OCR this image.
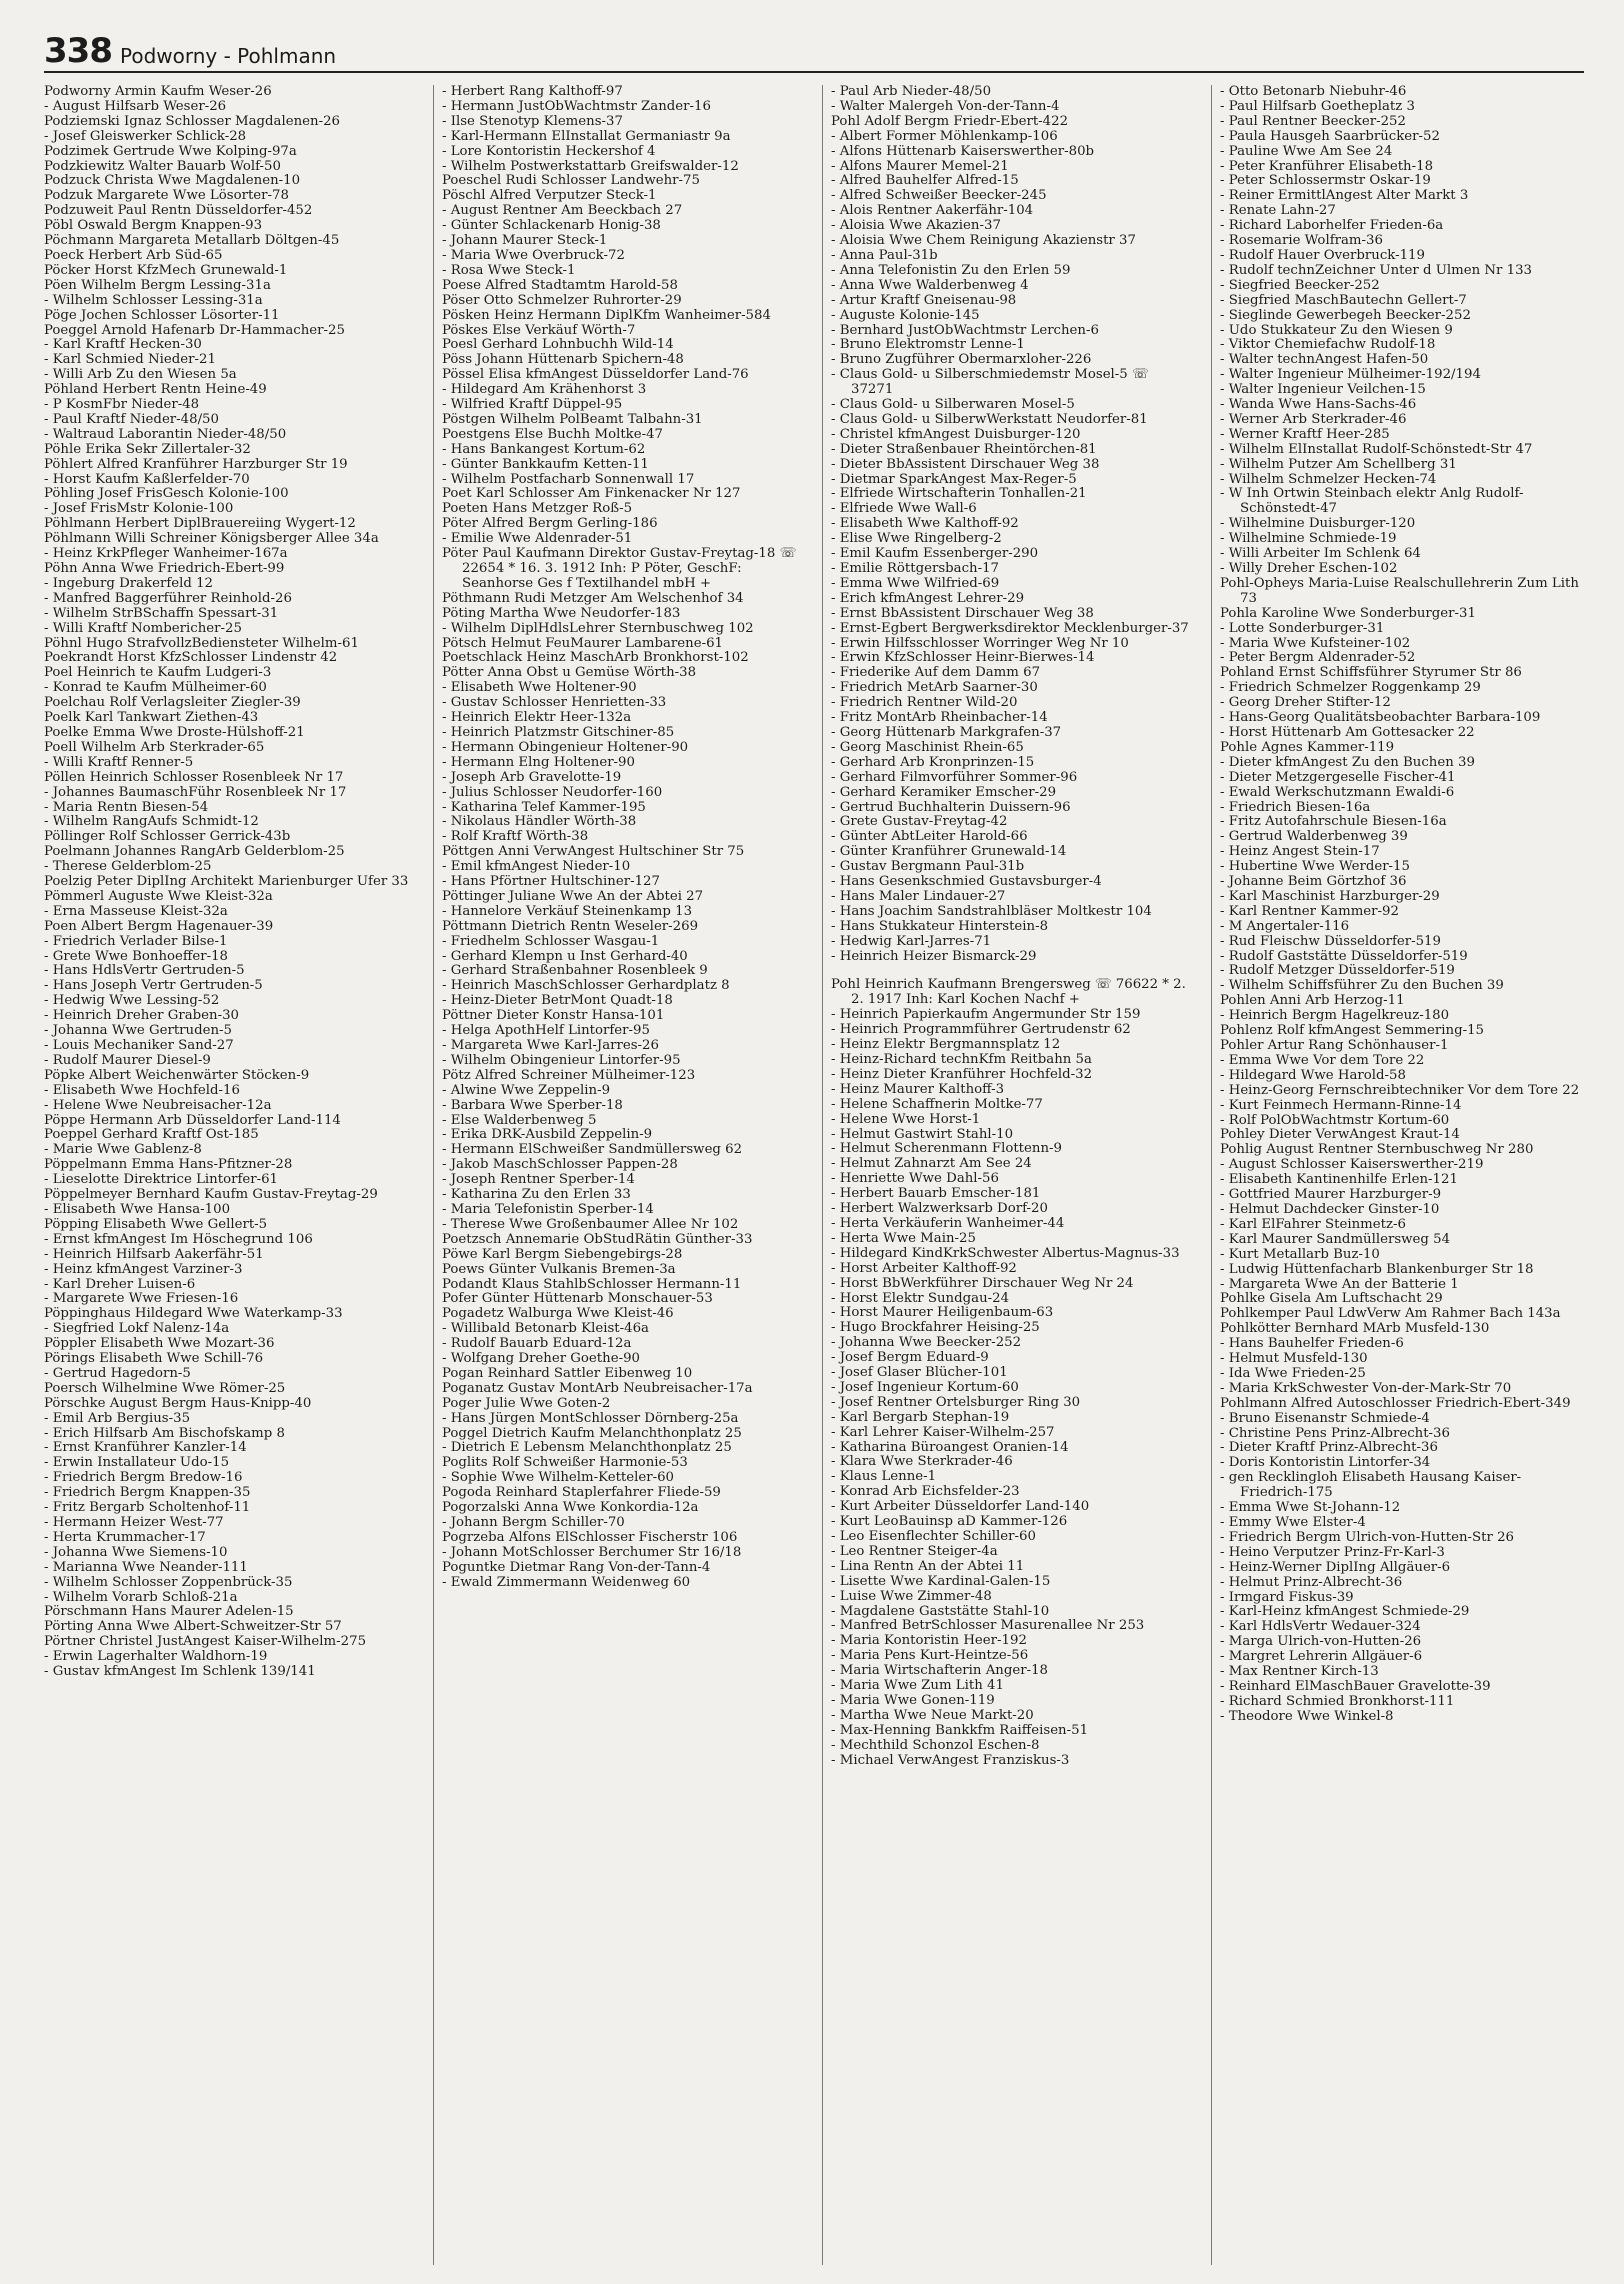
338 Podworny - Pohlmann

Podworny Armin Kaufm Weser-26

- August Hilfsarb Weser-26

Podziemski Ignaz Schlosser Magdalenen-26

- Josef Gleiswerker Schlick-28

Podzimek Gertrude Wwe Kolping-97a

Podzkiewitz Walter Bauarb Wolf-50

Podzuck Christa Wwe Magdalenen-10

Podzuk Margarete Wwe Lösorter-78

Podzuweit Paul Rentn Düsseldorfer-452

Pöbl Oswald Bergm Knappen-93

Pöchmann Margareta Metallarb Döltgen-45

Poeck Herbert Arb Süd-65

Pöcker Horst KfzMech Grunewald-1

Pöen Wilhelm Bergm Lessing-31a

- Wilhelm Schlosser Lessing-31a

Pöge Jochen Schlosser Lösorter-11

Poeggel Arnold Hafenarb Dr-Hammacher-25

- Karl Kraftf Hecken-30

- Karl Schmied Nieder-21

- Willi Arb Zu den Wiesen 5a

Pöhland Herbert Rentn Heine-49

- P KosmFbr Nieder-48

- Paul Kraftf Nieder-48/50

- Waltraud Laborantin Nieder-48/50

Pöhle Erika Sekr Zillertaler-32

Pöhlert Alfred Kranführer Harzburger Str 19

- Horst Kaufm Kaßlerfelder-70

Pöhling Josef FrisGesch Kolonie-100

- Josef FrisMstr Kolonie-100

Pöhlmann Herbert DiplBrauereiing Wygert-12

Pöhlmann Willi Schreiner Königsberger Allee 34a

- Heinz KrkPfleger Wanheimer-167a

Pöhn Anna Wwe Friedrich-Ebert-99

- Ingeburg Drakerfeld 12

- Manfred Baggerführer Reinhold-26

- Wilhelm StrBSchaffn Spessart-31

- Willi Kraftf Nombericher-25

Pöhnl Hugo StrafvollzBediensteter Wilhelm-61

Poekrandt Horst KfzSchlosser Lindenstr 42

Poel Heinrich te Kaufm Ludgeri-3

- Konrad te Kaufm Mülheimer-60

Poelchau Rolf Verlagsleiter Ziegler-39

Poelk Karl Tankwart Ziethen-43

Poelke Emma Wwe Droste-Hülshoff-21

Poell Wilhelm Arb Sterkrader-65

- Willi Kraftf Renner-5

Pöllen Heinrich Schlosser Rosenbleek Nr 17

- Johannes BaumaschFühr Rosenbleek Nr 17

- Maria Rentn Biesen-54

- Wilhelm RangAufs Schmidt-12

Pöllinger Rolf Schlosser Gerrick-43b

Poelmann Johannes RangArb Gelderblom-25

- Therese Gelderblom-25

Poelzig Peter DiplIng Architekt Marienburger Ufer 33

Pömmerl Auguste Wwe Kleist-32a

- Erna Masseuse Kleist-32a

Poen Albert Bergm Hagenauer-39

- Friedrich Verlader Bilse-1

- Grete Wwe Bonhoeffer-18

- Hans HdlsVertr Gertruden-5

- Hans Joseph Vertr Gertruden-5

- Hedwig Wwe Lessing-52

- Heinrich Dreher Graben-30

- Johanna Wwe Gertruden-5

- Louis Mechaniker Sand-27

- Rudolf Maurer Diesel-9

Pöpke Albert Weichenwärter Stöcken-9

- Elisabeth Wwe Hochfeld-16

- Helene Wwe Neubreisacher-12a

Pöppe Hermann Arb Düsseldorfer Land-114

Poeppel Gerhard Kraftf Ost-185

- Marie Wwe Gablenz-8

Pöppelmann Emma Hans-Pfitzner-28

- Lieselotte Direktrice Lintorfer-61

Pöppelmeyer Bernhard Kaufm Gustav-Freytag-29

- Elisabeth Wwe Hansa-100

Pöpping Elisabeth Wwe Gellert-5

- Ernst kfmAngest Im Höschegrund 106

- Heinrich Hilfsarb Aakerfähr-51

- Heinz kfmAngest Varziner-3

- Karl Dreher Luisen-6

- Margarete Wwe Friesen-16

Pöppinghaus Hildegard Wwe Waterkamp-33

- Siegfried Lokf Nalenz-14a

Pöppler Elisabeth Wwe Mozart-36

Pörings Elisabeth Wwe Schill-76

- Gertrud Hagedorn-5

Poersch Wilhelmine Wwe Römer-25

Pörschke August Bergm Haus-Knipp-40

- Emil Arb Bergius-35

- Erich Hilfsarb Am Bischofskamp 8

- Ernst Kranführer Kanzler-14

- Erwin Installateur Udo-15

- Friedrich Bergm Bredow-16

- Friedrich Bergm Knappen-35

- Fritz Bergarb Scholtenhof-11

- Hermann Heizer West-77

- Herta Krummacher-17

- Johanna Wwe Siemens-10

- Marianna Wwe Neander-111

- Wilhelm Schlosser Zoppenbrück-35

- Wilhelm Vorarb Schloß-21a

Pörschmann Hans Maurer Adelen-15

Pörting Anna Wwe Albert-Schweitzer-Str 57

Pörtner Christel JustAngest Kaiser-Wilhelm-275

- Erwin Lagerhalter Waldhorn-19

- Gustav kfmAngest Im Schlenk 139/141

- Herbert Rang Kalthoff-97

- Hermann JustObWachtmstr Zander-16

- Ilse Stenotyp Klemens-37

- Karl-Hermann ElInstallat Germaniastr 9a

- Lore Kontoristin Heckershof 4

- Wilhelm Postwerkstattarb Greifswalder-12

Poeschel Rudi Schlosser Landwehr-75

Pöschl Alfred Verputzer Steck-1

- August Rentner Am Beeckbach 27

- Günter Schlackenarb Honig-38

- Johann Maurer Steck-1

- Maria Wwe Overbruck-72

- Rosa Wwe Steck-1

Poese Alfred Stadtamtm Harold-58

Pöser Otto Schmelzer Ruhrorter-29

Pösken Heinz Hermann DiplKfm Wanheimer-584

Pöskes Else Verkäuf Wörth-7

Poesl Gerhard Lohnbuchh Wild-14

Pöss Johann Hüttenarb Spichern-48

Pössel Elisa kfmAngest Düsseldorfer Land-76

- Hildegard Am Krähenhorst 3

- Wilfried Kraftf Düppel-95

Pöstgen Wilhelm PolBeamt Talbahn-31

Poestgens Else Buchh Moltke-47

- Hans Bankangest Kortum-62

- Günter Bankkaufm Ketten-11

- Wilhelm Postfacharb Sonnenwall 17

Poet Karl Schlosser Am Finkenacker Nr 127

Poeten Hans Metzger Roß-5

Pöter Alfred Bergm Gerling-186

- Emilie Wwe Aldenrader-51

Pöter Paul Kaufmann Direktor Gustav-Freytag-18 ☏ 22654 * 16. 3. 1912 Inh: P Pöter, GeschF: Seanhorse Ges f Textilhandel mbH +

Pöthmann Rudi Metzger Am Welschenhof 34

Pöting Martha Wwe Neudorfer-183

- Wilhelm DiplHdlsLehrer Sternbuschweg 102

Pötsch Helmut FeuMaurer Lambarene-61

Poetschlack Heinz MaschArb Bronkhorst-102

Pötter Anna Obst u Gemüse Wörth-38

- Elisabeth Wwe Holtener-90

- Gustav Schlosser Henrietten-33

- Heinrich Elektr Heer-132a

- Heinrich Platzmstr Gitschiner-85

- Hermann Obingenieur Holtener-90

- Hermann Elng Holtener-90

- Joseph Arb Gravelotte-19

- Julius Schlosser Neudorfer-160

- Katharina Telef Kammer-195

- Nikolaus Händler Wörth-38

- Rolf Kraftf Wörth-38

Pöttgen Anni VerwAngest Hultschiner Str 75

- Emil kfmAngest Nieder-10

- Hans Pförtner Hultschiner-127

Pöttinger Juliane Wwe An der Abtei 27

- Hannelore Verkäuf Steinenkamp 13

Pöttmann Dietrich Rentn Weseler-269

- Friedhelm Schlosser Wasgau-1

- Gerhard Klempn u Inst Gerhard-40

- Gerhard Straßenbahner Rosenbleek 9

- Heinrich MaschSchlosser Gerhardplatz 8

- Heinz-Dieter BetrMont Quadt-18

Pöttner Dieter Konstr Hansa-101

- Helga ApothHelf Lintorfer-95

- Margareta Wwe Karl-Jarres-26

- Wilhelm Obingenieur Lintorfer-95

Pötz Alfred Schreiner Mülheimer-123

- Alwine Wwe Zeppelin-9

- Barbara Wwe Sperber-18

- Else Walderbenweg 5

- Erika DRK-Ausbild Zeppelin-9

- Hermann ElSchweißer Sandmüllersweg 62

- Jakob MaschSchlosser Pappen-28

- Joseph Rentner Sperber-14

- Katharina Zu den Erlen 33

- Maria Telefonistin Sperber-14

- Therese Wwe Großenbaumer Allee Nr 102

Poetzsch Annemarie ObStudRätin Günther-33

Pöwe Karl Bergm Siebengebirgs-28

Poews Günter Vulkanis Bremen-3a

Podandt Klaus StahlbSchlosser Hermann-11

Pofer Günter Hüttenarb Monschauer-53

Pogadetz Walburga Wwe Kleist-46

- Willibald Betonarb Kleist-46a

- Rudolf Bauarb Eduard-12a

- Wolfgang Dreher Goethe-90

Pogan Reinhard Sattler Eibenweg 10

Poganatz Gustav MontArb Neubreisacher-17a

Poger Julie Wwe Goten-2

- Hans Jürgen MontSchlosser Dörnberg-25a

Poggel Dietrich Kaufm Melanchthonplatz 25

- Dietrich E Lebensm Melanchthonplatz 25

Poglits Rolf Schweißer Harmonie-53

- Sophie Wwe Wilhelm-Ketteler-60

Pogoda Reinhard Staplerfahrer Fliede-59

Pogorzalski Anna Wwe Konkordia-12a

- Johann Bergm Schiller-70

Pogrzeba Alfons ElSchlosser Fischerstr 106

- Johann MotSchlosser Berchumer Str 16/18

Poguntke Dietmar Rang Von-der-Tann-4

- Ewald Zimmermann Weidenweg 60

- Paul Arb Nieder-48/50

- Walter Malergeh Von-der-Tann-4

Pohl Adolf Bergm Friedr-Ebert-422

- Albert Former Möhlenkamp-106

- Alfons Hüttenarb Kaiserswerther-80b

- Alfons Maurer Memel-21

- Alfred Bauhelfer Alfred-15

- Alfred Schweißer Beecker-245

- Alois Rentner Aakerfähr-104

- Aloisia Wwe Akazien-37

- Aloisia Wwe Chem Reinigung Akazienstr 37

- Anna Paul-31b

- Anna Telefonistin Zu den Erlen 59

- Anna Wwe Walderbenweg 4

- Artur Kraftf Gneisenau-98

- Auguste Kolonie-145

- Bernhard JustObWachtmstr Lerchen-6

- Bruno Elektromstr Lenne-1

- Bruno Zugführer Obermarxloher-226

- Claus Gold- u Silberschmiedemstr Mosel-5 ☏ 37271

- Claus Gold- u Silberwaren Mosel-5

- Claus Gold- u SilberwWerkstatt Neudorfer-81

- Christel kfmAngest Duisburger-120

- Dieter Straßenbauer Rheintörchen-81

- Dieter BbAssistent Dirschauer Weg 38

- Dietmar SparkAngest Max-Reger-5

- Elfriede Wirtschafterin Tonhallen-21

- Elfriede Wwe Wall-6

- Elisabeth Wwe Kalthoff-92

- Elise Wwe Ringelberg-2

- Emil Kaufm Essenberger-290

- Emilie Röttgersbach-17

- Emma Wwe Wilfried-69

- Erich kfmAngest Lehrer-29

- Ernst BbAssistent Dirschauer Weg 38

- Ernst-Egbert Bergwerksdirektor Mecklenburger-37

- Erwin Hilfsschlosser Worringer Weg Nr 10

- Erwin KfzSchlosser Heinr-Bierwes-14

- Friederike Auf dem Damm 67

- Friedrich MetArb Saarner-30

- Friedrich Rentner Wild-20

- Fritz MontArb Rheinbacher-14

- Georg Hüttenarb Markgrafen-37

- Georg Maschinist Rhein-65

- Gerhard Arb Kronprinzen-15

- Gerhard Filmvorführer Sommer-96

- Gerhard Keramiker Emscher-29

- Gertrud Buchhalterin Duissern-96

- Grete Gustav-Freytag-42

- Günter AbtLeiter Harold-66

- Günter Kranführer Grunewald-14

- Gustav Bergmann Paul-31b

- Hans Gesenkschmied Gustavsburger-4

- Hans Maler Lindauer-27

- Hans Joachim Sandstrahlbläser Moltkestr 104

- Hans Stukkateur Hinterstein-8

- Hedwig Karl-Jarres-71

- Heinrich Heizer Bismarck-29

Pohl Heinrich Kaufmann Brengersweg ☏ 76622 * 2. 2. 1917 Inh: Karl Kochen Nachf +

- Heinrich Papierkaufm Angermunder Str 159

- Heinrich Programmführer Gertrudenstr 62

- Heinz Elektr Bergmannsplatz 12

- Heinz-Richard technKfm Reitbahn 5a

- Heinz Dieter Kranführer Hochfeld-32

- Heinz Maurer Kalthoff-3

- Helene Schaffnerin Moltke-77

- Helene Wwe Horst-1

- Helmut Gastwirt Stahl-10

- Helmut Scherenmann Flottenn-9

- Helmut Zahnarzt Am See 24

- Henriette Wwe Dahl-56

- Herbert Bauarb Emscher-181

- Herbert Walzwerksarb Dorf-20

- Herta Verkäuferin Wanheimer-44

- Herta Wwe Main-25

- Hildegard KindKrkSchwester Albertus-Magnus-33

- Horst Arbeiter Kalthoff-92

- Horst BbWerkführer Dirschauer Weg Nr 24

- Horst Elektr Sundgau-24

- Horst Maurer Heiligenbaum-63

- Hugo Brockfahrer Heising-25

- Johanna Wwe Beecker-252

- Josef Bergm Eduard-9

- Josef Glaser Blücher-101

- Josef Ingenieur Kortum-60

- Josef Rentner Ortelsburger Ring 30

- Karl Bergarb Stephan-19

- Karl Lehrer Kaiser-Wilhelm-257

- Katharina Büroangest Oranien-14

- Klara Wwe Sterkrader-46

- Klaus Lenne-1

- Konrad Arb Eichsfelder-23

- Kurt Arbeiter Düsseldorfer Land-140

- Kurt LeoBauinsp aD Kammer-126

- Leo Eisenflechter Schiller-60

- Leo Rentner Steiger-4a

- Lina Rentn An der Abtei 11

- Lisette Wwe Kardinal-Galen-15

- Luise Wwe Zimmer-48

- Magdalene Gaststätte Stahl-10

- Manfred BetrSchlosser Masurenallee Nr 253

- Maria Kontoristin Heer-192

- Maria Pens Kurt-Heintze-56

- Maria Wirtschafterin Anger-18

- Maria Wwe Zum Lith 41

- Maria Wwe Gonen-119

- Martha Wwe Neue Markt-20

- Max-Henning Bankkfm Raiffeisen-51

- Mechthild Schonzol Eschen-8

- Michael VerwAngest Franziskus-3

- Otto Betonarb Niebuhr-46

- Paul Hilfsarb Goetheplatz 3

- Paul Rentner Beecker-252

- Paula Hausgeh Saarbrücker-52

- Pauline Wwe Am See 24

- Peter Kranführer Elisabeth-18

- Peter Schlossermstr Oskar-19

- Reiner ErmittlAngest Alter Markt 3

- Renate Lahn-27

- Richard Laborhelfer Frieden-6a

- Rosemarie Wolfram-36

- Rudolf Hauer Overbruck-119

- Rudolf technZeichner Unter d Ulmen Nr 133

- Siegfried Beecker-252

- Siegfried MaschBautechn Gellert-7

- Sieglinde Gewerbegeh Beecker-252

- Udo Stukkateur Zu den Wiesen 9

- Viktor Chemiefachw Rudolf-18

- Walter technAngest Hafen-50

- Walter Ingenieur Mülheimer-192/194

- Walter Ingenieur Veilchen-15

- Wanda Wwe Hans-Sachs-46

- Werner Arb Sterkrader-46

- Werner Kraftf Heer-285

- Wilhelm ElInstallat Rudolf-Schönstedt-Str 47

- Wilhelm Putzer Am Schellberg 31

- Wilhelm Schmelzer Hecken-74

- W Inh Ortwin Steinbach elektr Anlg Rudolf-Schönstedt-47

- Wilhelmine Duisburger-120

- Wilhelmine Schmiede-19

- Willi Arbeiter Im Schlenk 64

- Willy Dreher Eschen-102

Pohl-Opheys Maria-Luise Realschullehrerin Zum Lith 73

Pohla Karoline Wwe Sonderburger-31

- Lotte Sonderburger-31

- Maria Wwe Kufsteiner-102

- Peter Bergm Aldenrader-52

Pohland Ernst Schiffsführer Styrumer Str 86

- Friedrich Schmelzer Roggenkamp 29

- Georg Dreher Stifter-12

- Hans-Georg Qualitätsbeobachter Barbara-109

- Horst Hüttenarb Am Gottesacker 22

Pohle Agnes Kammer-119

- Dieter kfmAngest Zu den Buchen 39

- Dieter Metzgergeselle Fischer-41

- Ewald Werkschutzmann Ewaldi-6

- Friedrich Biesen-16a

- Fritz Autofahrschule Biesen-16a

- Gertrud Walderbenweg 39

- Heinz Angest Stein-17

- Hubertine Wwe Werder-15

- Johanne Beim Görtzhof 36

- Karl Maschinist Harzburger-29

- Karl Rentner Kammer-92

- M Angertaler-116

- Rud Fleischw Düsseldorfer-519

- Rudolf Gaststätte Düsseldorfer-519

- Rudolf Metzger Düsseldorfer-519

- Wilhelm Schiffsführer Zu den Buchen 39

Pohlen Anni Arb Herzog-11

- Heinrich Bergm Hagelkreuz-180

Pohlenz Rolf kfmAngest Semmering-15

Pohler Artur Rang Schönhauser-1

- Emma Wwe Vor dem Tore 22

- Hildegard Wwe Harold-58

- Heinz-Georg Fernschreibtechniker Vor dem Tore 22

- Kurt Feinmech Hermann-Rinne-14

- Rolf PolObWachtmstr Kortum-60

Pohley Dieter VerwAngest Kraut-14

Pohlig August Rentner Sternbuschweg Nr 280

- August Schlosser Kaiserswerther-219

- Elisabeth Kantinenhilfe Erlen-121

- Gottfried Maurer Harzburger-9

- Helmut Dachdecker Ginster-10

- Karl ElFahrer Steinmetz-6

- Karl Maurer Sandmüllersweg 54

- Kurt Metallarb Buz-10

- Ludwig Hüttenfacharb Blankenburger Str 18

- Margareta Wwe An der Batterie 1

Pohlke Gisela Am Luftschacht 29

Pohlkemper Paul LdwVerw Am Rahmer Bach 143a

Pohlkötter Bernhard MArb Musfeld-130

- Hans Bauhelfer Frieden-6

- Helmut Musfeld-130

- Ida Wwe Frieden-25

- Maria KrkSchwester Von-der-Mark-Str 70

Pohlmann Alfred Autoschlosser Friedrich-Ebert-349

- Bruno Eisenanstr Schmiede-4

- Christine Pens Prinz-Albrecht-36

- Dieter Kraftf Prinz-Albrecht-36

- Doris Kontoristin Lintorfer-34

- gen Recklingloh Elisabeth Hausang Kaiser-Friedrich-175

- Emma Wwe St-Johann-12

- Emmy Wwe Elster-4

- Friedrich Bergm Ulrich-von-Hutten-Str 26

- Heino Verputzer Prinz-Fr-Karl-3

- Heinz-Werner DiplIng Allgäuer-6

- Helmut Prinz-Albrecht-36

- Irmgard Fiskus-39

- Karl-Heinz kfmAngest Schmiede-29

- Karl HdlsVertr Wedauer-324

- Marga Ulrich-von-Hutten-26

- Margret Lehrerin Allgäuer-6

- Max Rentner Kirch-13

- Reinhard ElMaschBauer Gravelotte-39

- Richard Schmied Bronkhorst-111

- Theodore Wwe Winkel-8
